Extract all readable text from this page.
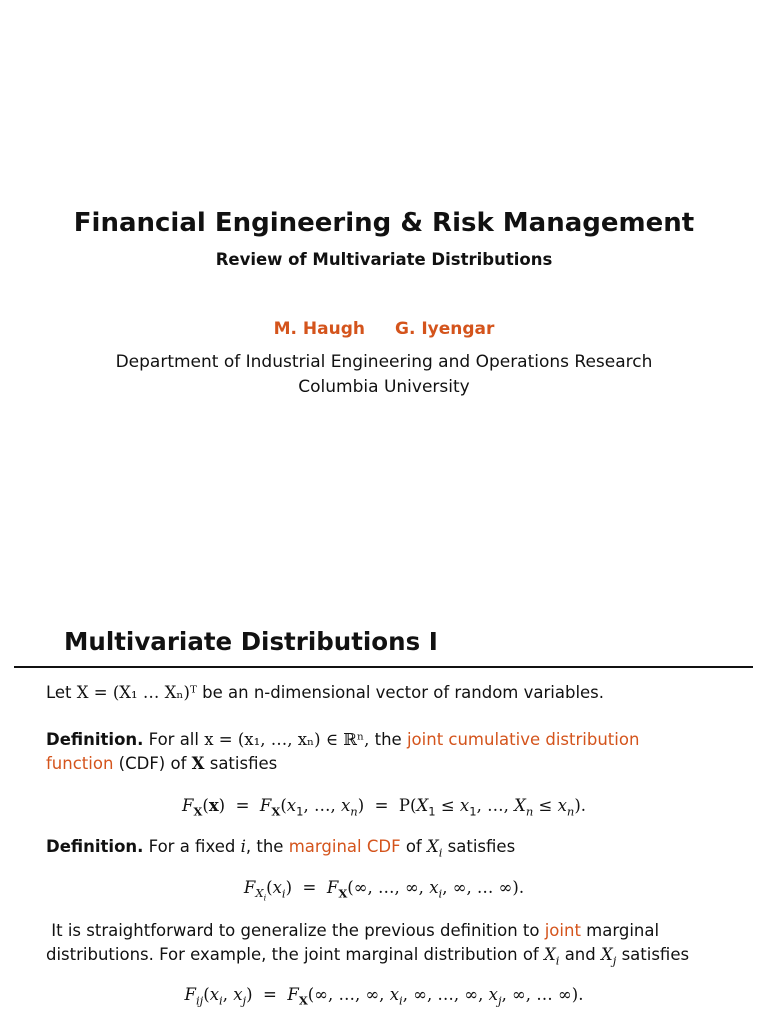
Financial Engineering & Risk Management
Review of Multivariate Distributions
M. Haugh G. Iyengar
Department of Industrial Engineering and Operations Research
Columbia University
Multivariate Distributions I
Let X = (X₁ … Xₙ)ᵀ be an n-dimensional vector of random variables.
Definition. For all x = (x₁, …, xₙ) ∈ ℝⁿ, the joint cumulative distribution
function (CDF) of X satisfies
$F_X(x) = F_X(x_1$, …, $x_n) = P(X_1 \le x_1$, …, $X_n \le x_n$).
Definition. For a fixed i, the marginal CDF of $X_i$ satisfies
$F_{X_i}(x_i) = F_X(\infty$, …, ∞, $x_i$, ∞, … ∞).
It is straightforward to generalize the previous definition to joint marginal
distributions. For example, the joint marginal distribution of $X_i$ and $X_j$ satisfies
$F_{ij}(x_i$, $x_j) = F_X(\infty$, …, ∞, $x_i$, ∞, …, ∞, $x_j$, ∞, … ∞).
